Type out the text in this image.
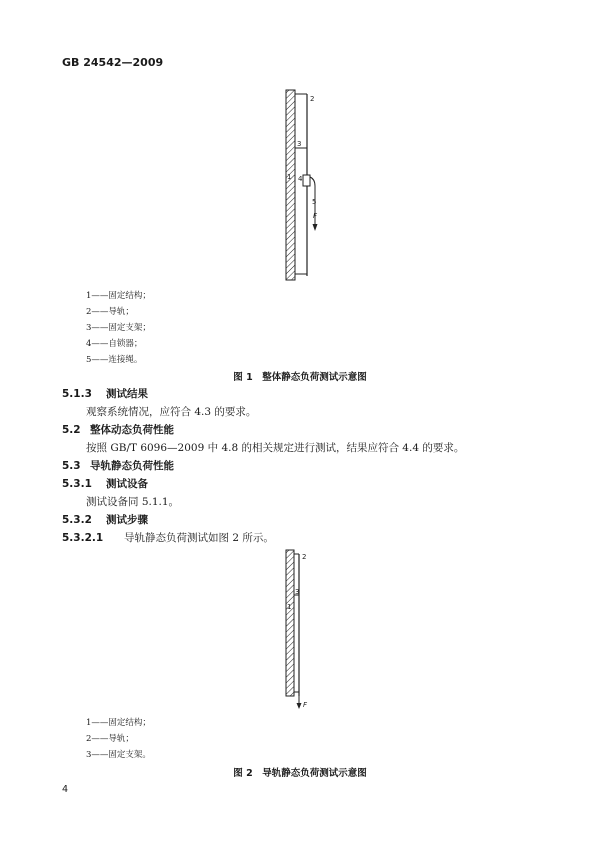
GB 24542—2009
2
3
1 4
5
F
1——固定结构；
2——导轨；
3——固定支架；
4——自锁器；
5——连接绳。
图 1　整体静态负荷测试示意图
5.1.3 测试结果
观察系统情况，应符合 4.3 的要求。
5.2 整体动态负荷性能
按照 GB/T 6096—2009 中 4.8 的相关规定进行测试，结果应符合 4.4 的要求。
5.3 导轨静态负荷性能
5.3.1 测试设备
测试设备同 5.1.1。
5.3.2 测试步骤
5.3.2.1 导轨静态负荷测试如图 2 所示。
2
3
1
F
1——固定结构；
2——导轨；
3——固定支架。
图 2　导轨静态负荷测试示意图
4
